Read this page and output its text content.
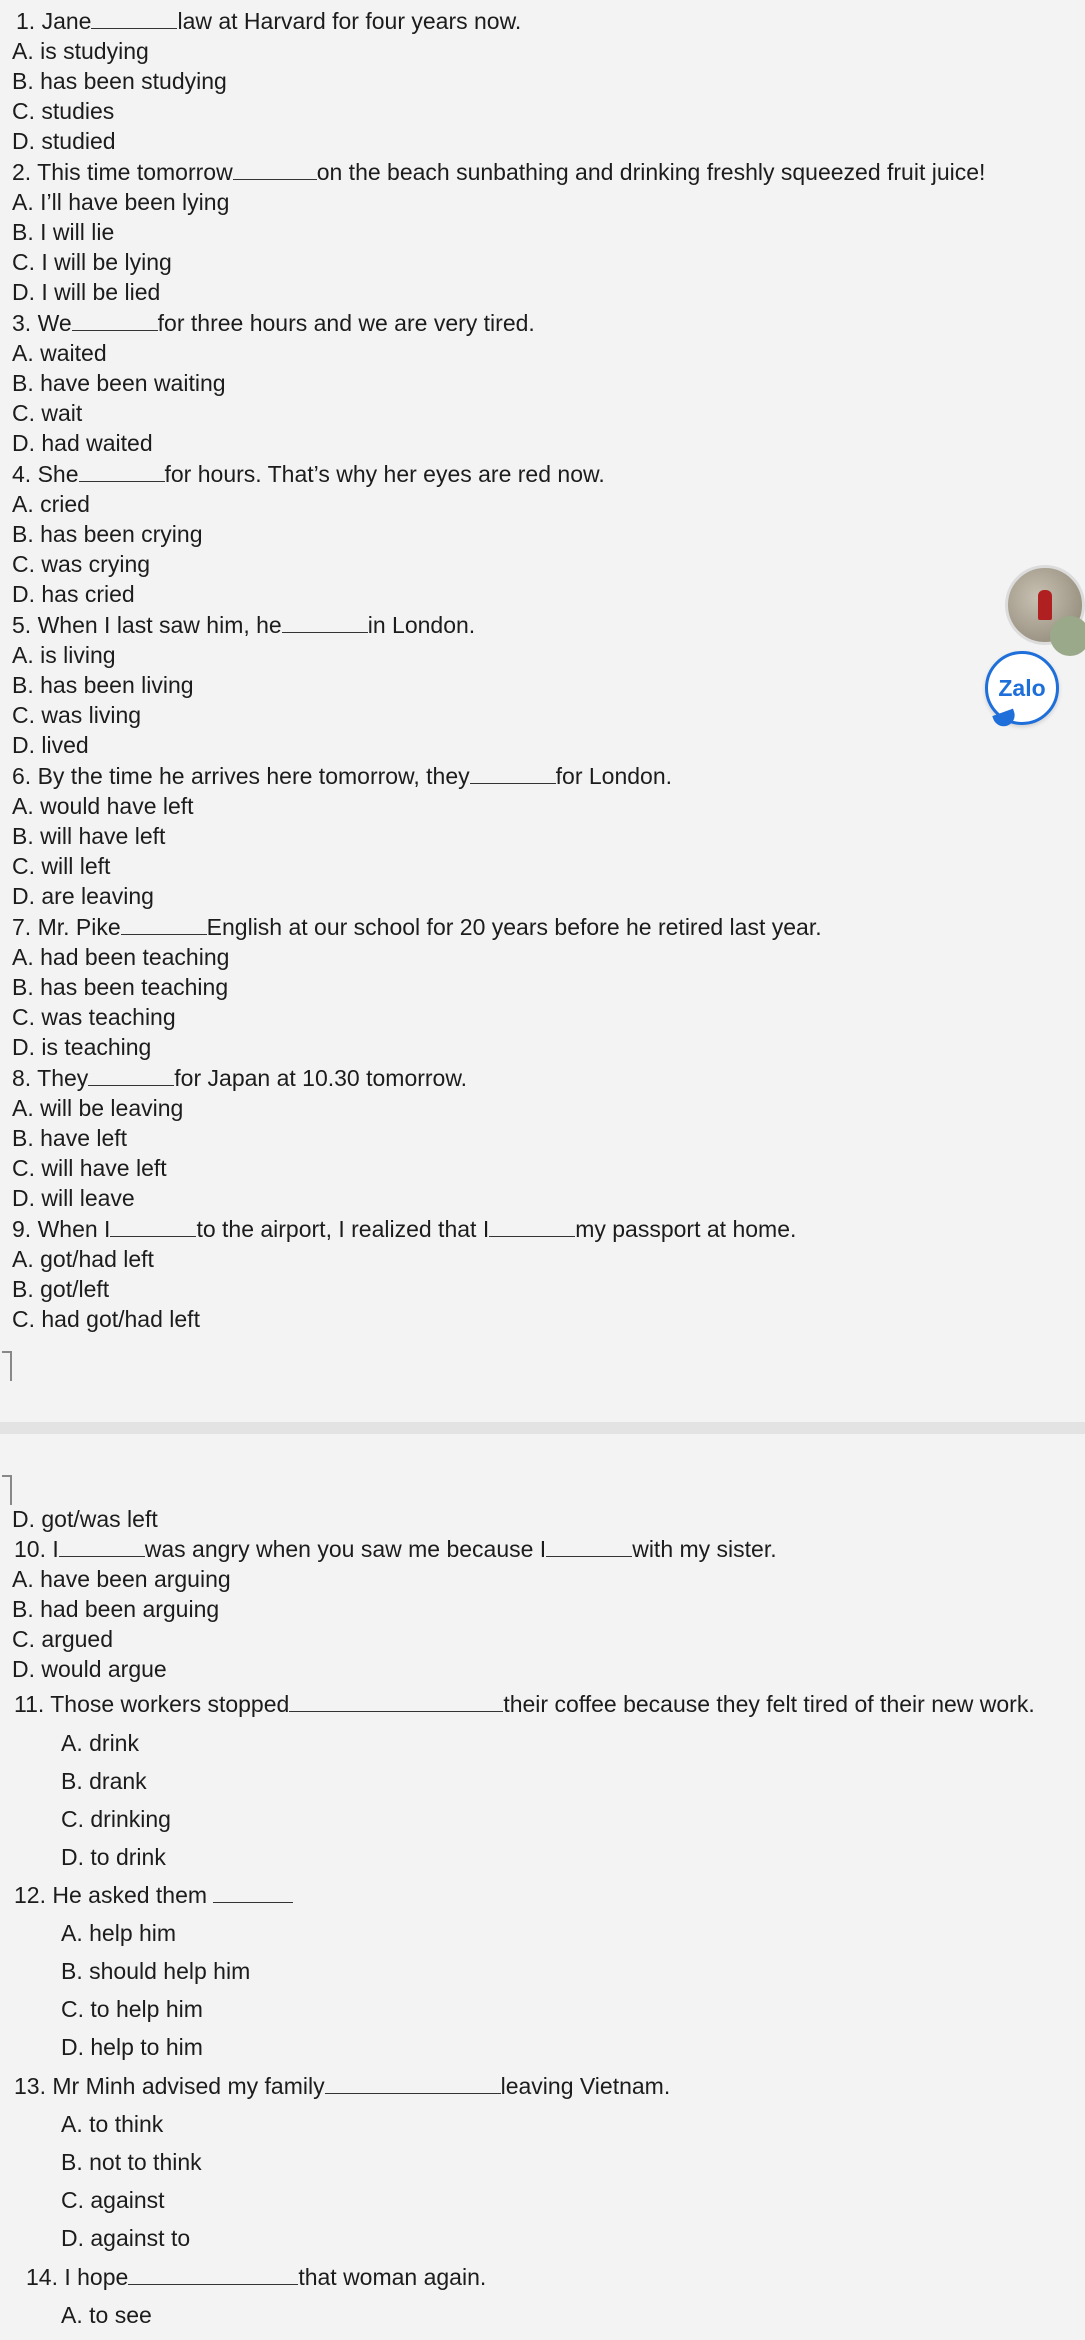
1. Jane	law at Harvard for four years now.
A. is studying
B. has been studying
C. studies
D. studied
2. This time tomorrow	on the beach sunbathing and drinking freshly squeezed fruit juice!
A. I’ll have been lying
B. I will lie
C. I will be lying
D. I will be lied
3. We	for three hours and we are very tired.
A. waited
B. have been waiting
C. wait
D. had waited
4. She	for hours. That’s why her eyes are red now.
A. cried
B. has been crying
C. was crying
D. has cried
5. When I last saw him, he	in London.
A. is living
B. has been living
C. was living
D. lived
6. By the time he arrives here tomorrow, they	for London.
A. would have left
B. will have left
C. will left
D. are leaving
7. Mr. Pike	English at our school for 20 years before he retired last year.
A. had been teaching
B. has been teaching
C. was teaching
D. is teaching
8. They	for Japan at 10.30 tomorrow.
A. will be leaving
B. have left
C. will have left
D. will leave
9. When I	to the airport, I realized that I	my passport at home.
A. got/had left
B. got/left
C. had got/had left
D. got/was left
10. I	was angry when you saw me because I	with my sister.
A. have been arguing
B. had been arguing
C. argued
D. would argue
11. Those workers stopped	their coffee because they felt tired of their new work.
A. drink
B. drank
C. drinking
D. to drink
12. He asked them
A. help him
B. should help him
C. to help him
D. help to him
13. Mr Minh advised my family	leaving Vietnam.
A. to think
B. not to think
C. against
D. against to
14. I hope	that woman again.
A. to see
Zalo
